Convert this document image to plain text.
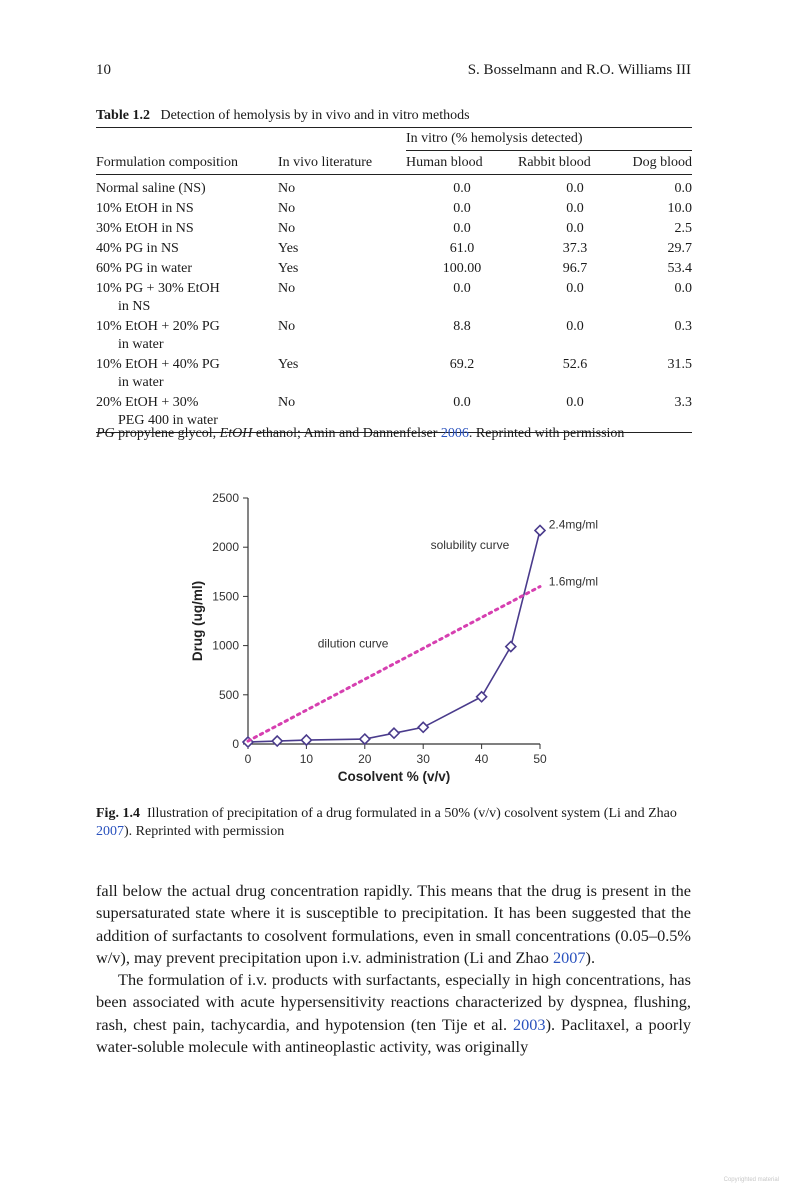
10	S. Bosselmann and R.O. Williams III
Table 1.2 Detection of hemolysis by in vivo and in vitro methods
		In vitro (% hemolysis detected)		
Formulation composition	In vivo literature	Human blood	Rabbit blood	Dog blood
Normal saline (NS)	No	0.0	0.0	0.0
10% EtOH in NS	No	0.0	0.0	10.0
30% EtOH in NS	No	0.0	0.0	2.5
40% PG in NS	Yes	61.0	37.3	29.7
60% PG in water	Yes	100.00	96.7	53.4
10% PG + 30% EtOH
in NS	No	0.0	0.0	0.0
10% EtOH + 20% PG
in water	No	8.8	0.0	0.3
10% EtOH + 40% PG
in water	Yes	69.2	52.6	31.5
20% EtOH + 30%
PEG 400 in water	No	0.0	0.0	3.3
PG propylene glycol, EtOH ethanol; Amin and Dannenfelser 2006. Reprinted with permission
0
500
1000
1500
2000
2500
0	10	20	30	40	50
Cosolvent % (v/v)
Drug (ug/ml)
solubility curve
dilution curve
2.4mg/ml
1.6mg/ml
Fig. 1.4 Illustration of precipitation of a drug formulated in a 50% (v/v) cosolvent system (Li and Zhao 2007). Reprinted with permission

fall below the actual drug concentration rapidly. This means that the drug is present in the supersaturated state where it is susceptible to precipitation. It has been suggested that the addition of surfactants to cosolvent formulations, even in small concentrations (0.05–0.5% w/v), may prevent precipitation upon i.v. administration (Li and Zhao 2007).

The formulation of i.v. products with surfactants, especially in high concentrations, has been associated with acute hypersensitivity reactions characterized by dyspnea, flushing, rash, chest pain, tachycardia, and hypotension (ten Tije et al. 2003). Paclitaxel, a poorly water-soluble molecule with antineoplastic activity, was originally

Copyrighted material
